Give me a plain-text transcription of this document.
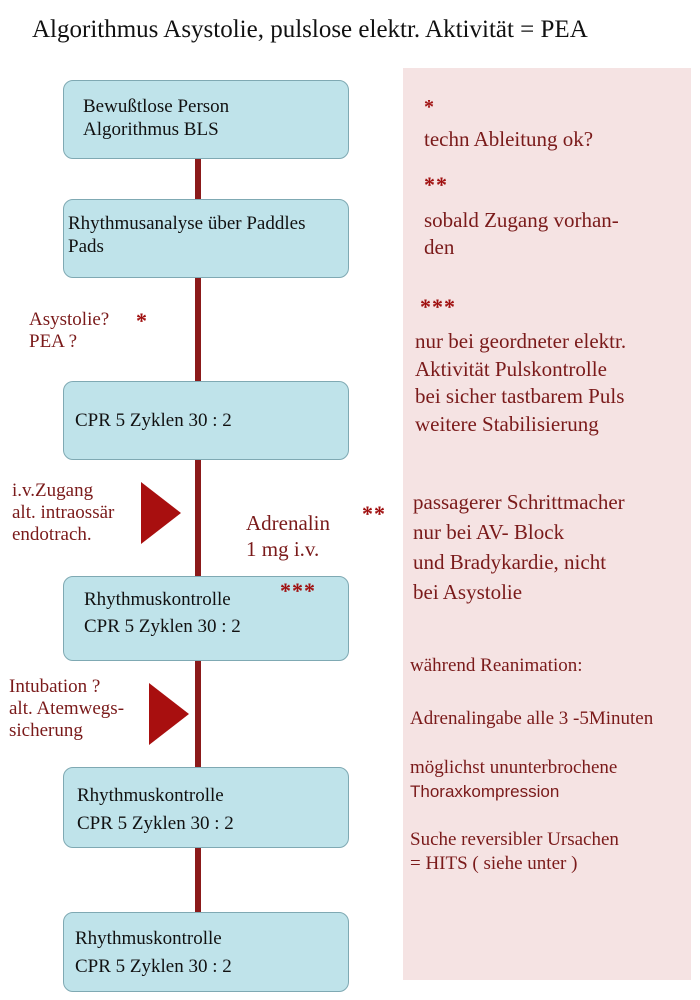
Algorithmus Asystolie, pulslose elektr. Aktivität = PEA
Bewußtlose Person
Algorithmus BLS
Rhythmusanalyse über Paddles
Pads
CPR 5 Zyklen 30 : 2
Rhythmuskontrolle
CPR 5 Zyklen 30 : 2
Rhythmuskontrolle
CPR 5 Zyklen 30 : 2
Rhythmuskontrolle
CPR 5 Zyklen 30 : 2
Asystolie?
PEA ?
*
i.v.Zugang
alt. intraossär
endotrach.	Adrenalin
1 mg i.v.
**
***
Intubation ?
alt. Atemwegs-
sicherung
*
techn Ableitung ok?
**
sobald Zugang vorhan-
den
***
nur bei geordneter elektr.
Aktivität Pulskontrolle
bei sicher tastbarem Puls
weitere Stabilisierung
passagerer Schrittmacher
nur bei AV- Block
und Bradykardie, nicht
bei Asystolie
während Reanimation:
Adrenalingabe alle 3 -5Minuten
möglichst ununterbrochene
Thoraxkompression
Suche reversibler Ursachen
= HITS ( siehe unter )
